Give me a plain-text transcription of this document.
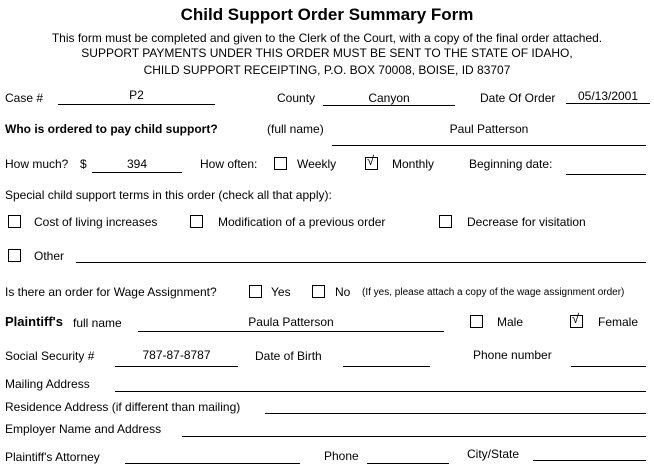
Child Support Order Summary Form
This form must be completed and given to the Clerk of the Court, with a copy of the final order attached.
SUPPORT PAYMENTS UNDER THIS ORDER MUST BE SENT TO THE STATE OF IDAHO,
CHILD SUPPORT RECEIPTING, P.O. BOX 70008, BOISE, ID 83707
Case #	P2	County	Canyon	Date Of Order	05/13/2001
Who is ordered to pay child support?	(full name)	Paul Patterson
How much? $	394	How often:	Weekly √ Monthly	Beginning date:
Special child support terms in this order (check all that apply):
Cost of living increases	Modification of a previous order	Decrease for visitation
Other
Is there an order for Wage Assignment?	Yes	No (If yes, please attach a copy of the wage assignment order)
Plaintiff's full name	Paula Patterson	Male	√ Female
Social Security #	787-87-8787	Date of Birth	Phone number
Mailing Address
Residence Address (if different than mailing)
Employer Name and Address
Plaintiff's Attorney	Phone	City/State
